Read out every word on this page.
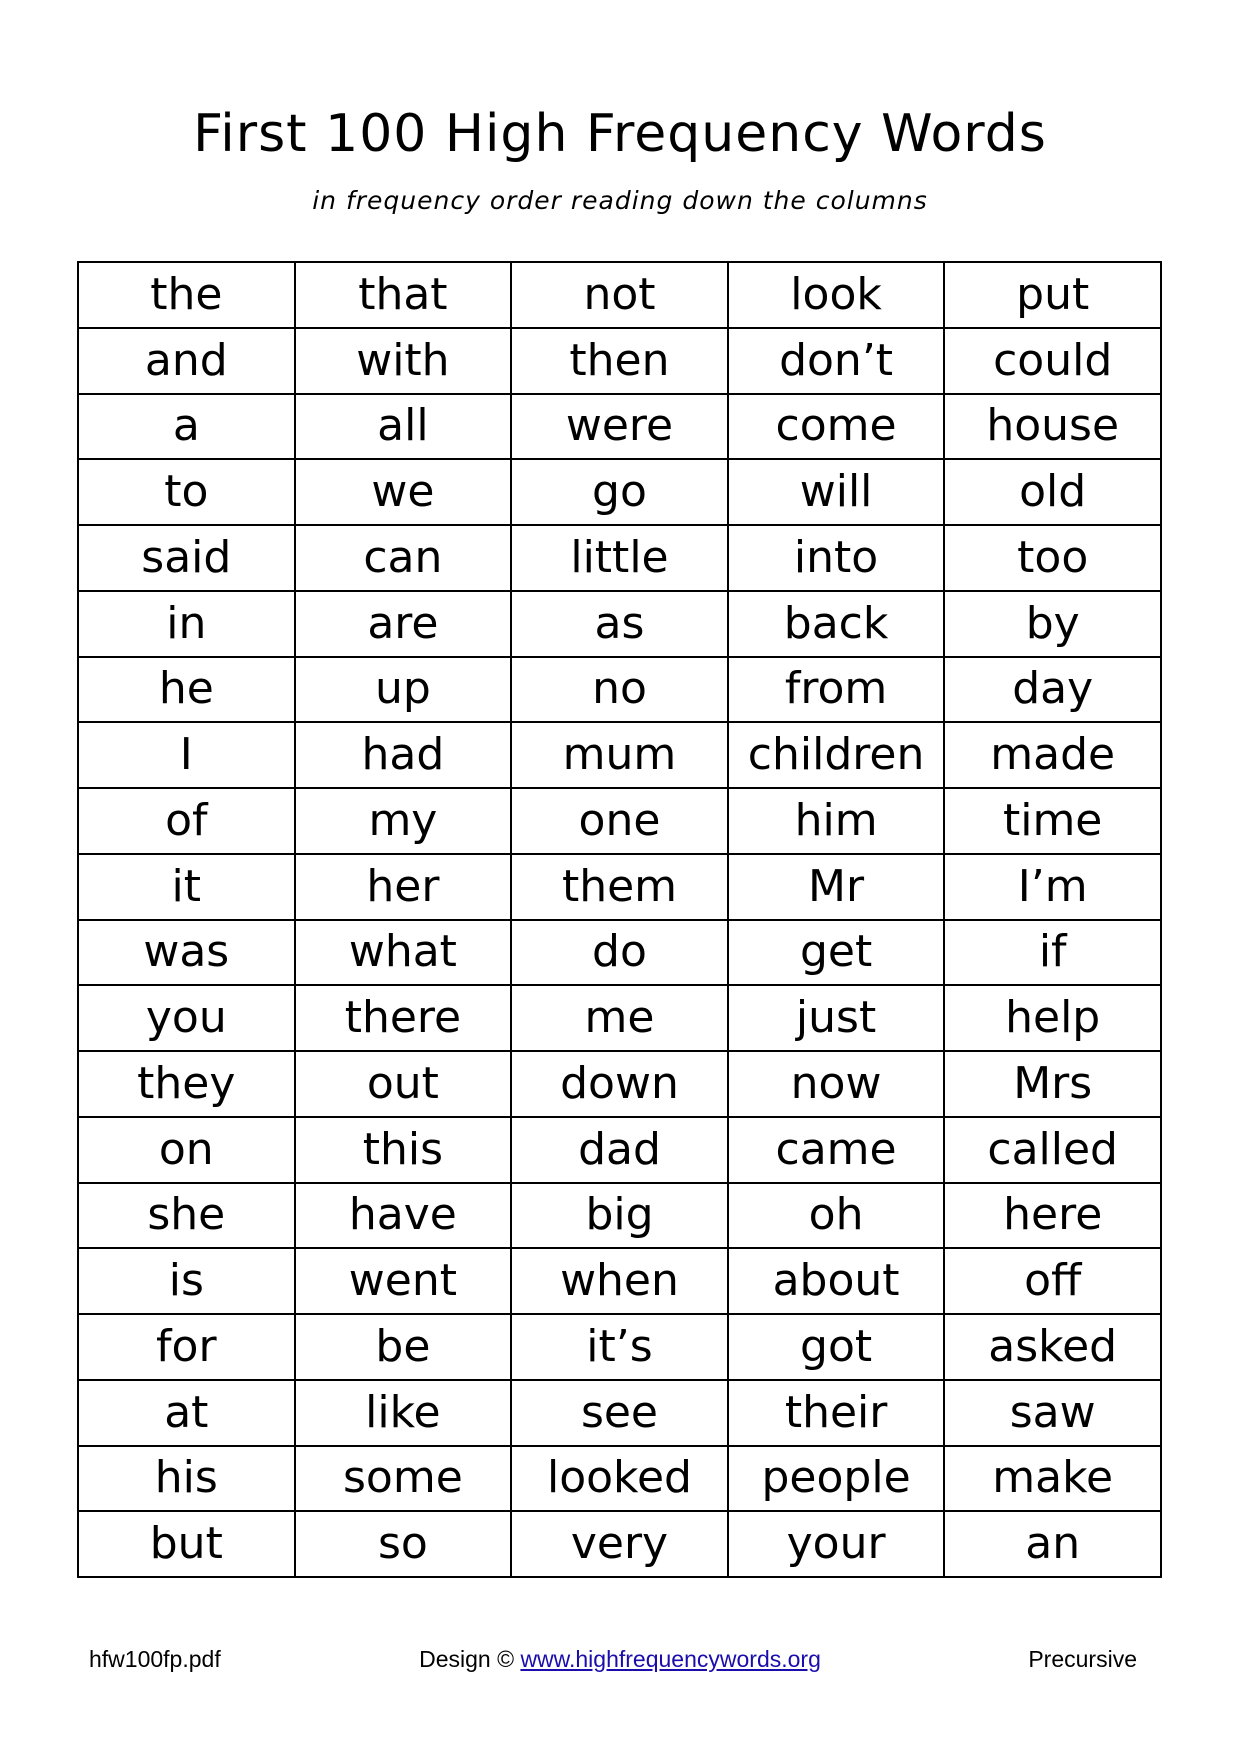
First 100 High Frequency Words

in frequency order reading down the columns

the	that	not	look	put
and	with	then	don’t	could
a	all	were	come	house
to	we	go	will	old
said	can	little	into	too
in	are	as	back	by
he	up	no	from	day
I	had	mum	children	made
of	my	one	him	time
it	her	them	Mr	I’m
was	what	do	get	if
you	there	me	just	help
they	out	down	now	Mrs
on	this	dad	came	called
she	have	big	oh	here
is	went	when	about	off
for	be	it’s	got	asked
at	like	see	their	saw
his	some	looked	people	make
but	so	very	your	an
hfw100fp.pdf	Design © www.highfrequencywords.org	Precursive
